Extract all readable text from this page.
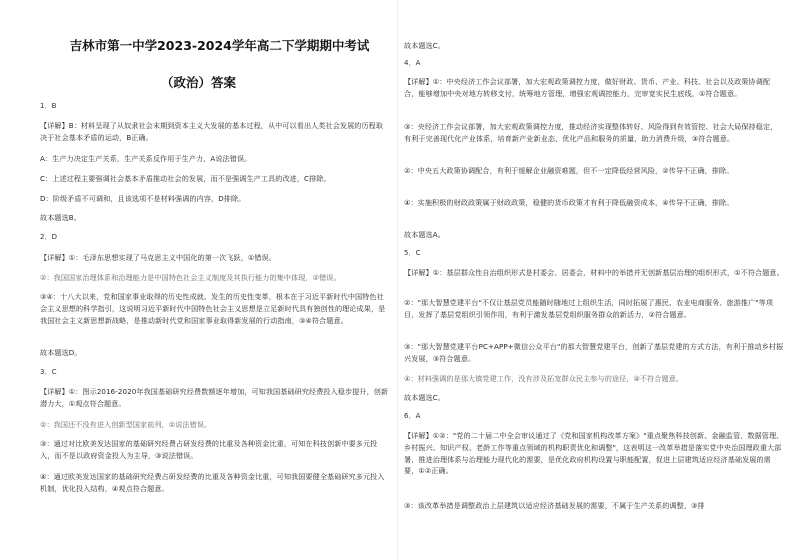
吉林市第一中学2023-2024学年高二下学期期中考试
（政治）答案

1．B

【详解】B：材料呈现了从奴隶社会末期到资本主义大发展的基本过程，从中可以看出人类社会发展的历程取决于社会基本矛盾的运动，B正确。

A：生产力决定生产关系，生产关系反作用于生产力，A说法错误。

C：上述过程主要强调社会基本矛盾推动社会的发展，而不是强调生产工具的改进，C排除。

D：阶级矛盾不可调和，且该选项不是材料强调的内容，D排除。

故本题选B。

2．D

【详解】①：毛泽东思想实现了马克思主义中国化的第一次飞跃，①错误。

②：我国国家治理体系和治理能力是中国特色社会主义制度及其执行能力的集中体现，②错误。

③④：十八大以来，党和国家事业取得的历史性成就、发生的历史性变革，根本在于习近平新时代中国特色社会主义思想的科学指引，这说明习近平新时代中国特色社会主义思想是立足新时代具有独创性的理论成果，是我国社会主义新思想新战略，是推动新时代党和国家事业取得新发展的行动指南，③④符合题意。

故本题选D。

3．C

【详解】①：图示2016-2020年我国基础研究经费数额逐年增加，可知我国基础研究经费投入稳步提升，创新潜力大，①观点符合题意。

②：我国还不没有进入创新型国家前列，②说法错误。

③：通过对比欧美发达国家的基础研究经费占研发经费的比重及各种资金比重，可知在科技创新中要多元投入，而不是以政府资金投入为主导，③说法错误。

④：通过欧美发达国家的基础研究经费占研发经费的比重及各种资金比重，可知我国要健全基础研究多元投入机制，优化投入结构，④观点符合题意。

故本题选C。

4．A

【详解】①：中央经济工作会议部署，加大宏观政策调控力度，做好财政、货币、产业、科技、社会以及政策协调配合，能够增加中央对地方转移支付，统筹地方管理，增强宏观调控能力，完审宽实民生底线，①符合题意。

③：央经济工作会议部署，加大宏观政策调控力度，推动经济实现整体转好、风险得到有效管控、社会大局保持稳定，有利于完善现代化产业体系，培育新产业新业态，优化产品和服务的质量，助力消费升级，③符合题意。

②：中央五大政策协调配合，有利于缓解企业融资难题，但不一定降低经营风险，②传导不正确，排除。

④：实施积极的财政政策属于财政政策，稳健的货币政策才有利于降低融资成本，④传导不正确，排除。

故本题选A。

5．C

【详解】①：基层群众性自治组织形式是村委会、居委会，材料中的举措并无创新基层治理的组织形式，①不符合题意。

②："那大智慧党建平台"不仅让基层党员能随时随地过上组织生活，同时拓展了惠民、农业电商服务、旅游推广"等项目，发挥了基层党组织引领作用，有利于激发基层党组织服务群众的新活力，②符合题意。

③："那大智慧党建平台PC+APP+微信公众平台"的那大智慧党建平台，创新了基层党建的方式方法，有利于推动乡村振兴发展，③符合题意。

④：材料强调的是那大镇党建工作，没有涉及拓宽群众民主参与的途径，④不符合题意。

故本题选C。

6．A

【详解】①②："党的二十届二中全会审议通过了《党和国家机构改革方案》"重点聚焦科技创新、金融监管、数据管理、乡村振兴、知识产权、老龄工作等重点领域的机构职责优化和调整"，这表明这一改革举措是落实党中央治国理政重大部署，推进治理体系与治理能力现代化的需要，是优化政府机构设置与职能配置，促进上层建筑适应经济基础发展的需要，①②正确。

③：该改革举措是调整政治上层建筑以适应经济基础发展的需要，不属于生产关系的调整，③排
